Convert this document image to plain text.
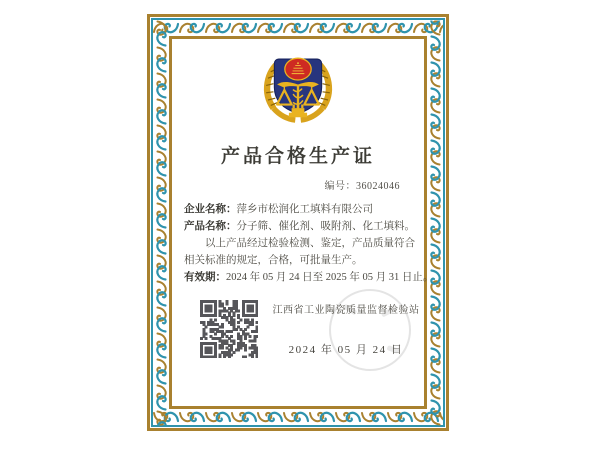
产品合格生产证
编号：36024046

企业名称：萍乡市松润化工填料有限公司

产品名称：分子筛、催化剂、吸附剂、化工填料。

以上产品经过检验检测、鉴定，产品质量符合相关标准的规定，合格，可批量生产。

有效期：2024 年 05 月 24 日至 2025 年 05 月 31 日止。

江西省工业陶瓷质量监督检验站
2024 年 05 月 24 日
